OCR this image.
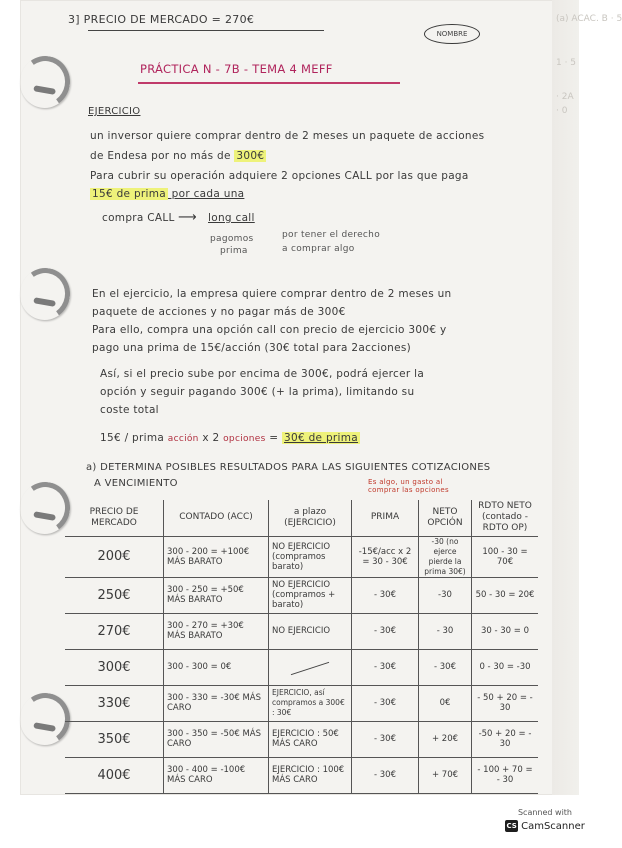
(a) ACAC. B · 5
1 · 5
· 2A
· 0
3] PRECIO DE MERCADO = 270€
NOMBRE
PRÁCTICA N - 7B - TEMA 4 MEFF
EJERCICIO
un inversor quiere comprar dentro de 2 meses un paquete de acciones
de Endesa por no más de 300€
Para cubrir su operación adquiere 2 opciones CALL por las que paga
15€ de prima por cada una
compra CALL ⟶ long call
pagomos
prima
por tener el derecho
a comprar algo
En el ejercicio, la empresa quiere comprar dentro de 2 meses un
paquete de acciones y no pagar más de 300€
Para ello, compra una opción call con precio de ejercicio 300€ y
pago una prima de 15€/acción (30€ total para 2acciones)
Así, si el precio sube por encima de 300€, podrá ejercer la
opción y seguir pagando 300€ (+ la prima), limitando su
coste total
15€ / prima acción x 2 opciones = 30€ de prima
a) DETERMINA POSIBLES RESULTADOS PARA LAS SIGUIENTES COTIZACIONES
A VENCIMIENTO	Es algo, un gasto al comprar las opciones
PRECIO DE MERCADO	CONTADO (ACC)	a plazo (EJERCICIO)	PRIMA	NETO OPCIÓN	RDTO NETO (contado - RDTO OP)
200€	300 - 200 = +100€ MÁS BARATO	NO EJERCICIO (compramos barato)	-15€/acc x 2 = 30 - 30€	-30 (no ejerce pierde la prima 30€)	100 - 30 = 70€
250€	300 - 250 = +50€ MÁS BARATO	NO EJERCICIO (compramos + barato)	- 30€	-30	50 - 30 = 20€
270€	300 - 270 = +30€ MÁS BARATO	NO EJERCICIO	- 30€	- 30	30 - 30 = 0
300€	300 - 300 = 0€		- 30€	- 30€	0 - 30 = -30
330€	300 - 330 = -30€ MÁS CARO	EJERCICIO, así compramos a 300€ : 30€	- 30€	0€	- 50 + 20 = - 30
350€	300 - 350 = -50€ MÁS CARO	EJERCICIO : 50€ MÁS CARO	- 30€	+ 20€	-50 + 20 = - 30
400€	300 - 400 = -100€ MÁS CARO	EJERCICIO : 100€ MÁS CARO	- 30€	+ 70€	- 100 + 70 = - 30
Scanned with
CS CamScanner
